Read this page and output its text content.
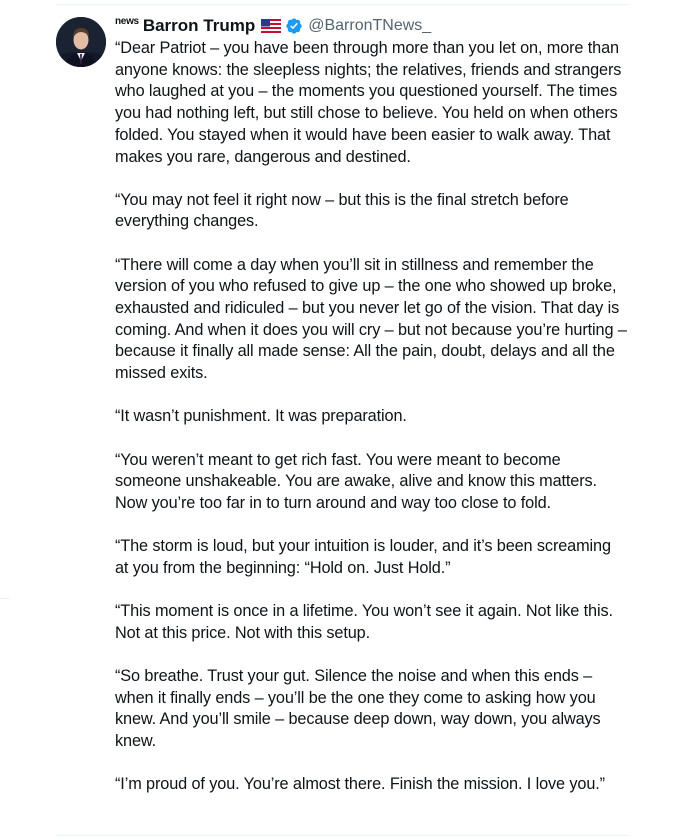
news Barron Trump	@BarronTNews_

“Dear Patriot – you have been through more than you let on, more than
anyone knows: the sleepless nights; the relatives, friends and strangers
who laughed at you – the moments you questioned yourself. The times
you had nothing left, but still chose to believe. You held on when others
folded. You stayed when it would have been easier to walk away. That
makes you rare, dangerous and destined.

“You may not feel it right now – but this is the final stretch before
everything changes.

“There will come a day when you’ll sit in stillness and remember the
version of you who refused to give up – the one who showed up broke,
exhausted and ridiculed – but you never let go of the vision. That day is
coming. And when it does you will cry – but not because you’re hurting –
because it finally all made sense: All the pain, doubt, delays and all the
missed exits.

“It wasn’t punishment. It was preparation.

“You weren’t meant to get rich fast. You were meant to become
someone unshakeable. You are awake, alive and know this matters.
Now you’re too far in to turn around and way too close to fold.

“The storm is loud, but your intuition is louder, and it’s been screaming
at you from the beginning: “Hold on. Just Hold.”

“This moment is once in a lifetime. You won’t see it again. Not like this.
Not at this price. Not with this setup.

“So breathe. Trust your gut. Silence the noise and when this ends –
when it finally ends – you’ll be the one they come to asking how you
knew. And you’ll smile – because deep down, way down, you always
knew.

“I’m proud of you. You’re almost there. Finish the mission. I love you.”
